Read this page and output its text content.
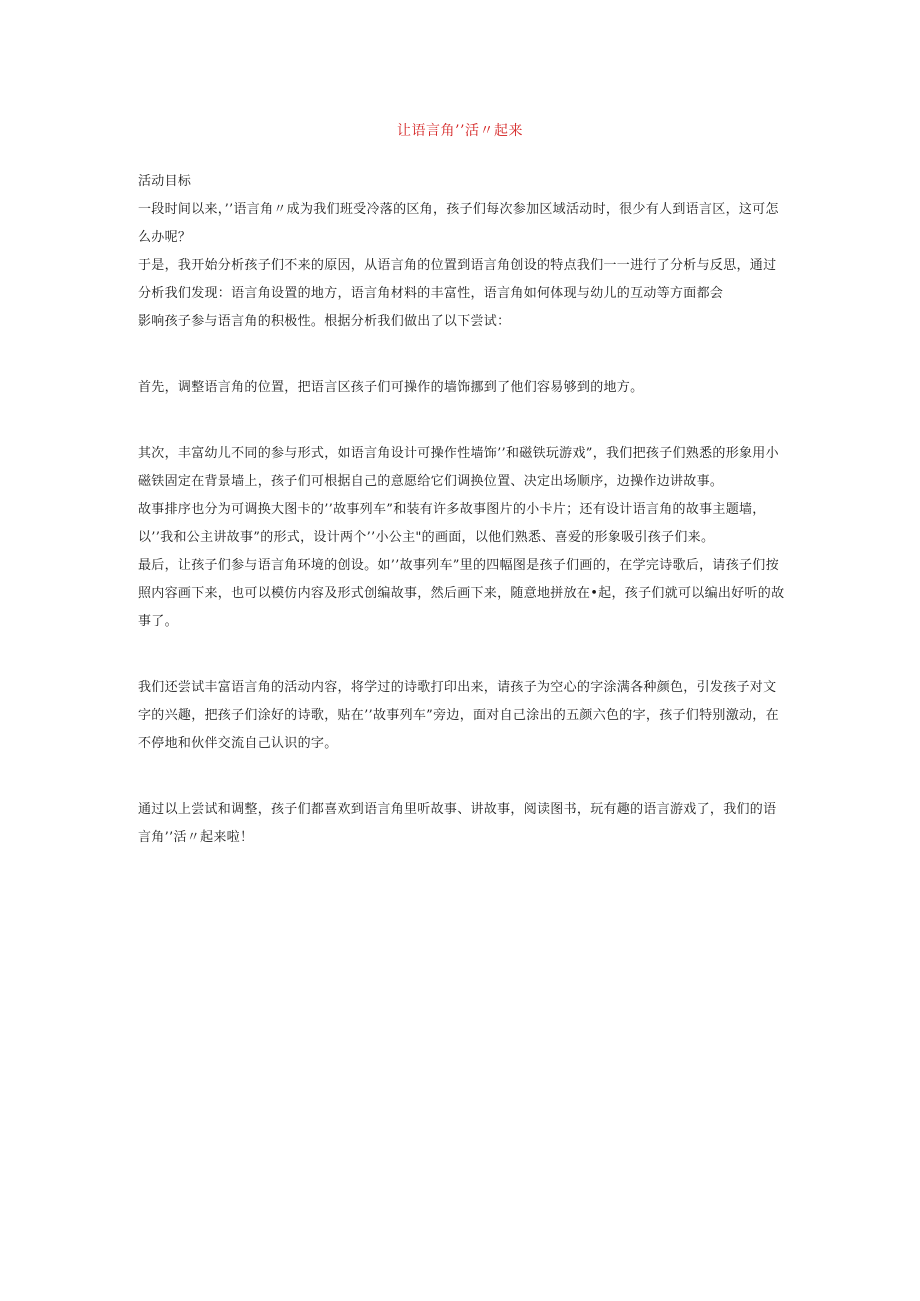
让语言角’’活〃起来

活动目标

一段时间以来，’’语言角〃成为我们班受冷落的区角，孩子们每次参加区域活动时，很少有人到语言区，这可怎么办呢？

于是，我开始分析孩子们不来的原因，从语言角的位置到语言角创设的特点我们一一进行了分析与反思，通过分析我们发现：语言角设置的地方，语言角材料的丰富性，语言角如何体现与幼儿的互动等方面都会

影响孩子参与语言角的积极性。根据分析我们做出了以下尝试：

首先，调整语言角的位置，把语言区孩子们可操作的墙饰挪到了他们容易够到的地方。

其次，丰富幼儿不同的参与形式，如语言角设计可操作性墙饰’’和磁铁玩游戏”，我们把孩子们熟悉的形象用小磁铁固定在背景墙上，孩子们可根据自己的意愿给它们调换位置、决定出场顺序，边操作边讲故事。

故事排序也分为可调换大图卡的’’故事列车”和装有许多故事图片的小卡片；还有设计语言角的故事主题墙，以’’我和公主讲故事”的形式，设计两个’’小公主"的画面，以他们熟悉、喜爱的形象吸引孩子们来。

最后，让孩子们参与语言角环境的创设。如’’故事列车”里的四幅图是孩子们画的，在学完诗歌后，请孩子们按照内容画下来，也可以模仿内容及形式创编故事，然后画下来，随意地拼放在•起，孩子们就可以编出好听的故事了。

我们还尝试丰富语言角的活动内容，将学过的诗歌打印出来，请孩子为空心的字涂满各种颜色，引发孩子对文字的兴趣，把孩子们涂好的诗歌，贴在’’故事列车”旁边，面对自己涂出的五颜六色的字，孩子们特别激动，在不停地和伙伴交流自己认识的字。

通过以上尝试和调整，孩子们都喜欢到语言角里听故事、讲故事，阅读图书，玩有趣的语言游戏了，我们的语言角’’活〃起来啦！
